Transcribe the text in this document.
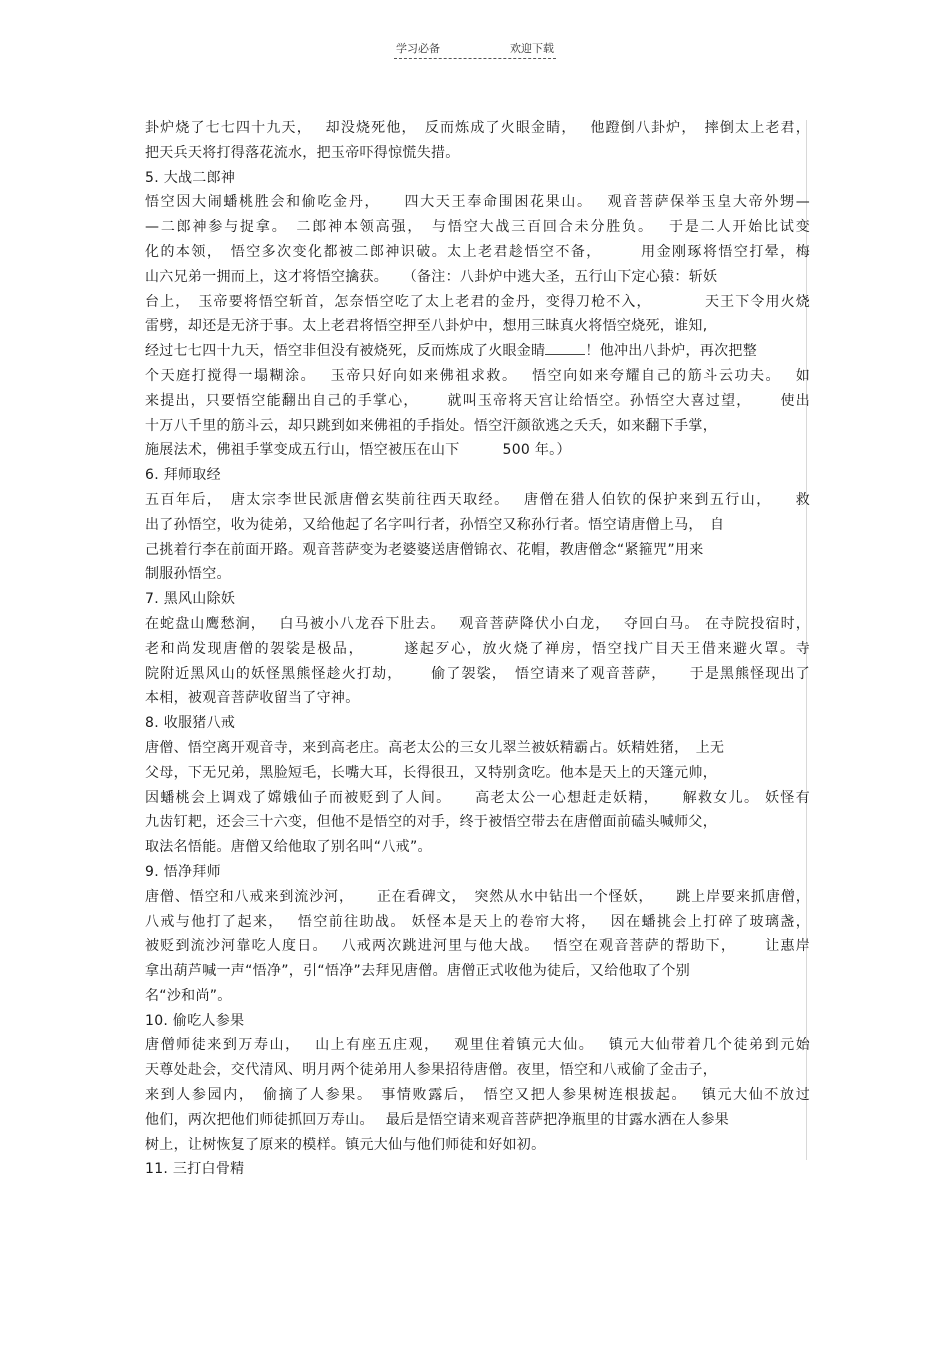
学习必备	欢迎下载
卦炉烧了七七四十九天，　 却没烧死他，　反而炼成了火眼金睛，　 他蹬倒八卦炉，　摔倒太上老君，
把天兵天将打得落花流水，把玉帝吓得惊慌失措。
5. 大战二郎神
悟空因大闹蟠桃胜会和偷吃金丹，　　四大天王奉命围困花果山。　 观音菩萨保举玉皇大帝外甥—
—二郎神参与捉拿。　二郎神本领高强，　与悟空大战三百回合未分胜负。　 于是二人开始比试变
化的本领，　悟空多次变化都被二郎神识破。太上老君趁悟空不备，　　　用金刚琢将悟空打晕，梅
山六兄弟一拥而上，这才将悟空擒获。　　（备注：八卦炉中逃大圣，五行山下定心猿：斩妖
台上，　玉帝要将悟空斩首，怎奈悟空吃了太上老君的金丹，变得刀枪不入，　　　　天王下令用火烧
雷劈，却还是无济于事。太上老君将悟空押至八卦炉中，想用三昧真火将悟空烧死，谁知,
经过七七四十九天，悟空非但没有被烧死，反而炼成了火眼金睛	！他冲出八卦炉，再次把整
个天庭打搅得一塌糊涂。　 玉帝只好向如来佛祖求救。　 悟空向如来夸耀自己的筋斗云功夫。　 如
来提出，只要悟空能翻出自己的手掌心，　　 就叫玉帝将天宫让给悟空。孙悟空大喜过望，　　 使出
十万八千里的筋斗云，却只跳到如来佛祖的手指处。悟空汗颜欲逃之夭夭，如来翻下手掌，
施展法术，佛祖手掌变成五行山，悟空被压在山下　　　500 年。）
6. 拜师取经
五百年后，　唐太宗李世民派唐僧玄奘前往西天取经。　 唐僧在猎人伯钦的保护来到五行山，　　救
出了孙悟空，收为徒弟，又给他起了名字叫行者，孙悟空又称孙行者。悟空请唐僧上马，　自
己挑着行李在前面开路。观音菩萨变为老婆婆送唐僧锦衣、花帽，教唐僧念“紧箍咒”用来
制服孙悟空。
7. 黑风山除妖
在蛇盘山鹰愁涧，　 白马被小八龙吞下肚去。　 观音菩萨降伏小白龙，　 夺回白马。 在寺院投宿时，
老和尚发现唐僧的袈裟是极品，　　　遂起歹心，放火烧了禅房，悟空找广目天王借来避火罩。寺
院附近黑风山的妖怪黑熊怪趁火打劫，　　 偷了袈裟，　悟空请来了观音菩萨，　　于是黑熊怪现出了
本相，被观音菩萨收留当了守神。
8. 收服猪八戒
唐僧、悟空离开观音寺，来到高老庄。高老太公的三女儿翠兰被妖精霸占。妖精姓猪，　上无
父母，下无兄弟，黑脸短毛，长嘴大耳，长得很丑，又特别贪吃。他本是天上的天篷元帅，
因蟠桃会上调戏了嫦娥仙子而被贬到了人间。　　高老太公一心想赶走妖精，　　解救女儿。 妖怪有
九齿钉耙，还会三十六变，但他不是悟空的对手，终于被悟空带去在唐僧面前磕头喊师父，
取法名悟能。唐僧又给他取了别名叫“八戒”。
9. 悟净拜师
唐僧、悟空和八戒来到流沙河，　　正在看碑文，　突然从水中钻出一个怪妖，　　跳上岸要来抓唐僧，
八戒与他打了起来，　 悟空前往助战。 妖怪本是天上的卷帘大将，　 因在蟠挑会上打碎了玻璃盏，
被贬到流沙河靠吃人度日。　 八戒两次跳进河里与他大战。　 悟空在观音菩萨的帮助下，　　 让惠岸
拿出葫芦喊一声“悟净”，引“悟净”去拜见唐僧。唐僧正式收他为徒后，又给他取了个别
名“沙和尚”。
10. 偷吃人参果
唐僧师徒来到万寿山，　 山上有座五庄观，　 观里住着镇元大仙。　 镇元大仙带着几个徒弟到元始
天尊处赴会，交代清风、明月两个徒弟用人参果招待唐僧。夜里，悟空和八戒偷了金击子，
来到人参园内，　偷摘了人参果。　事情败露后，　悟空又把人参果树连根拔起。　 镇元大仙不放过
他们，两次把他们师徒抓回万寿山。　 最后是悟空请来观音菩萨把净瓶里的甘露水洒在人参果
树上，让树恢复了原来的模样。镇元大仙与他们师徒和好如初。
11. 三打白骨精
